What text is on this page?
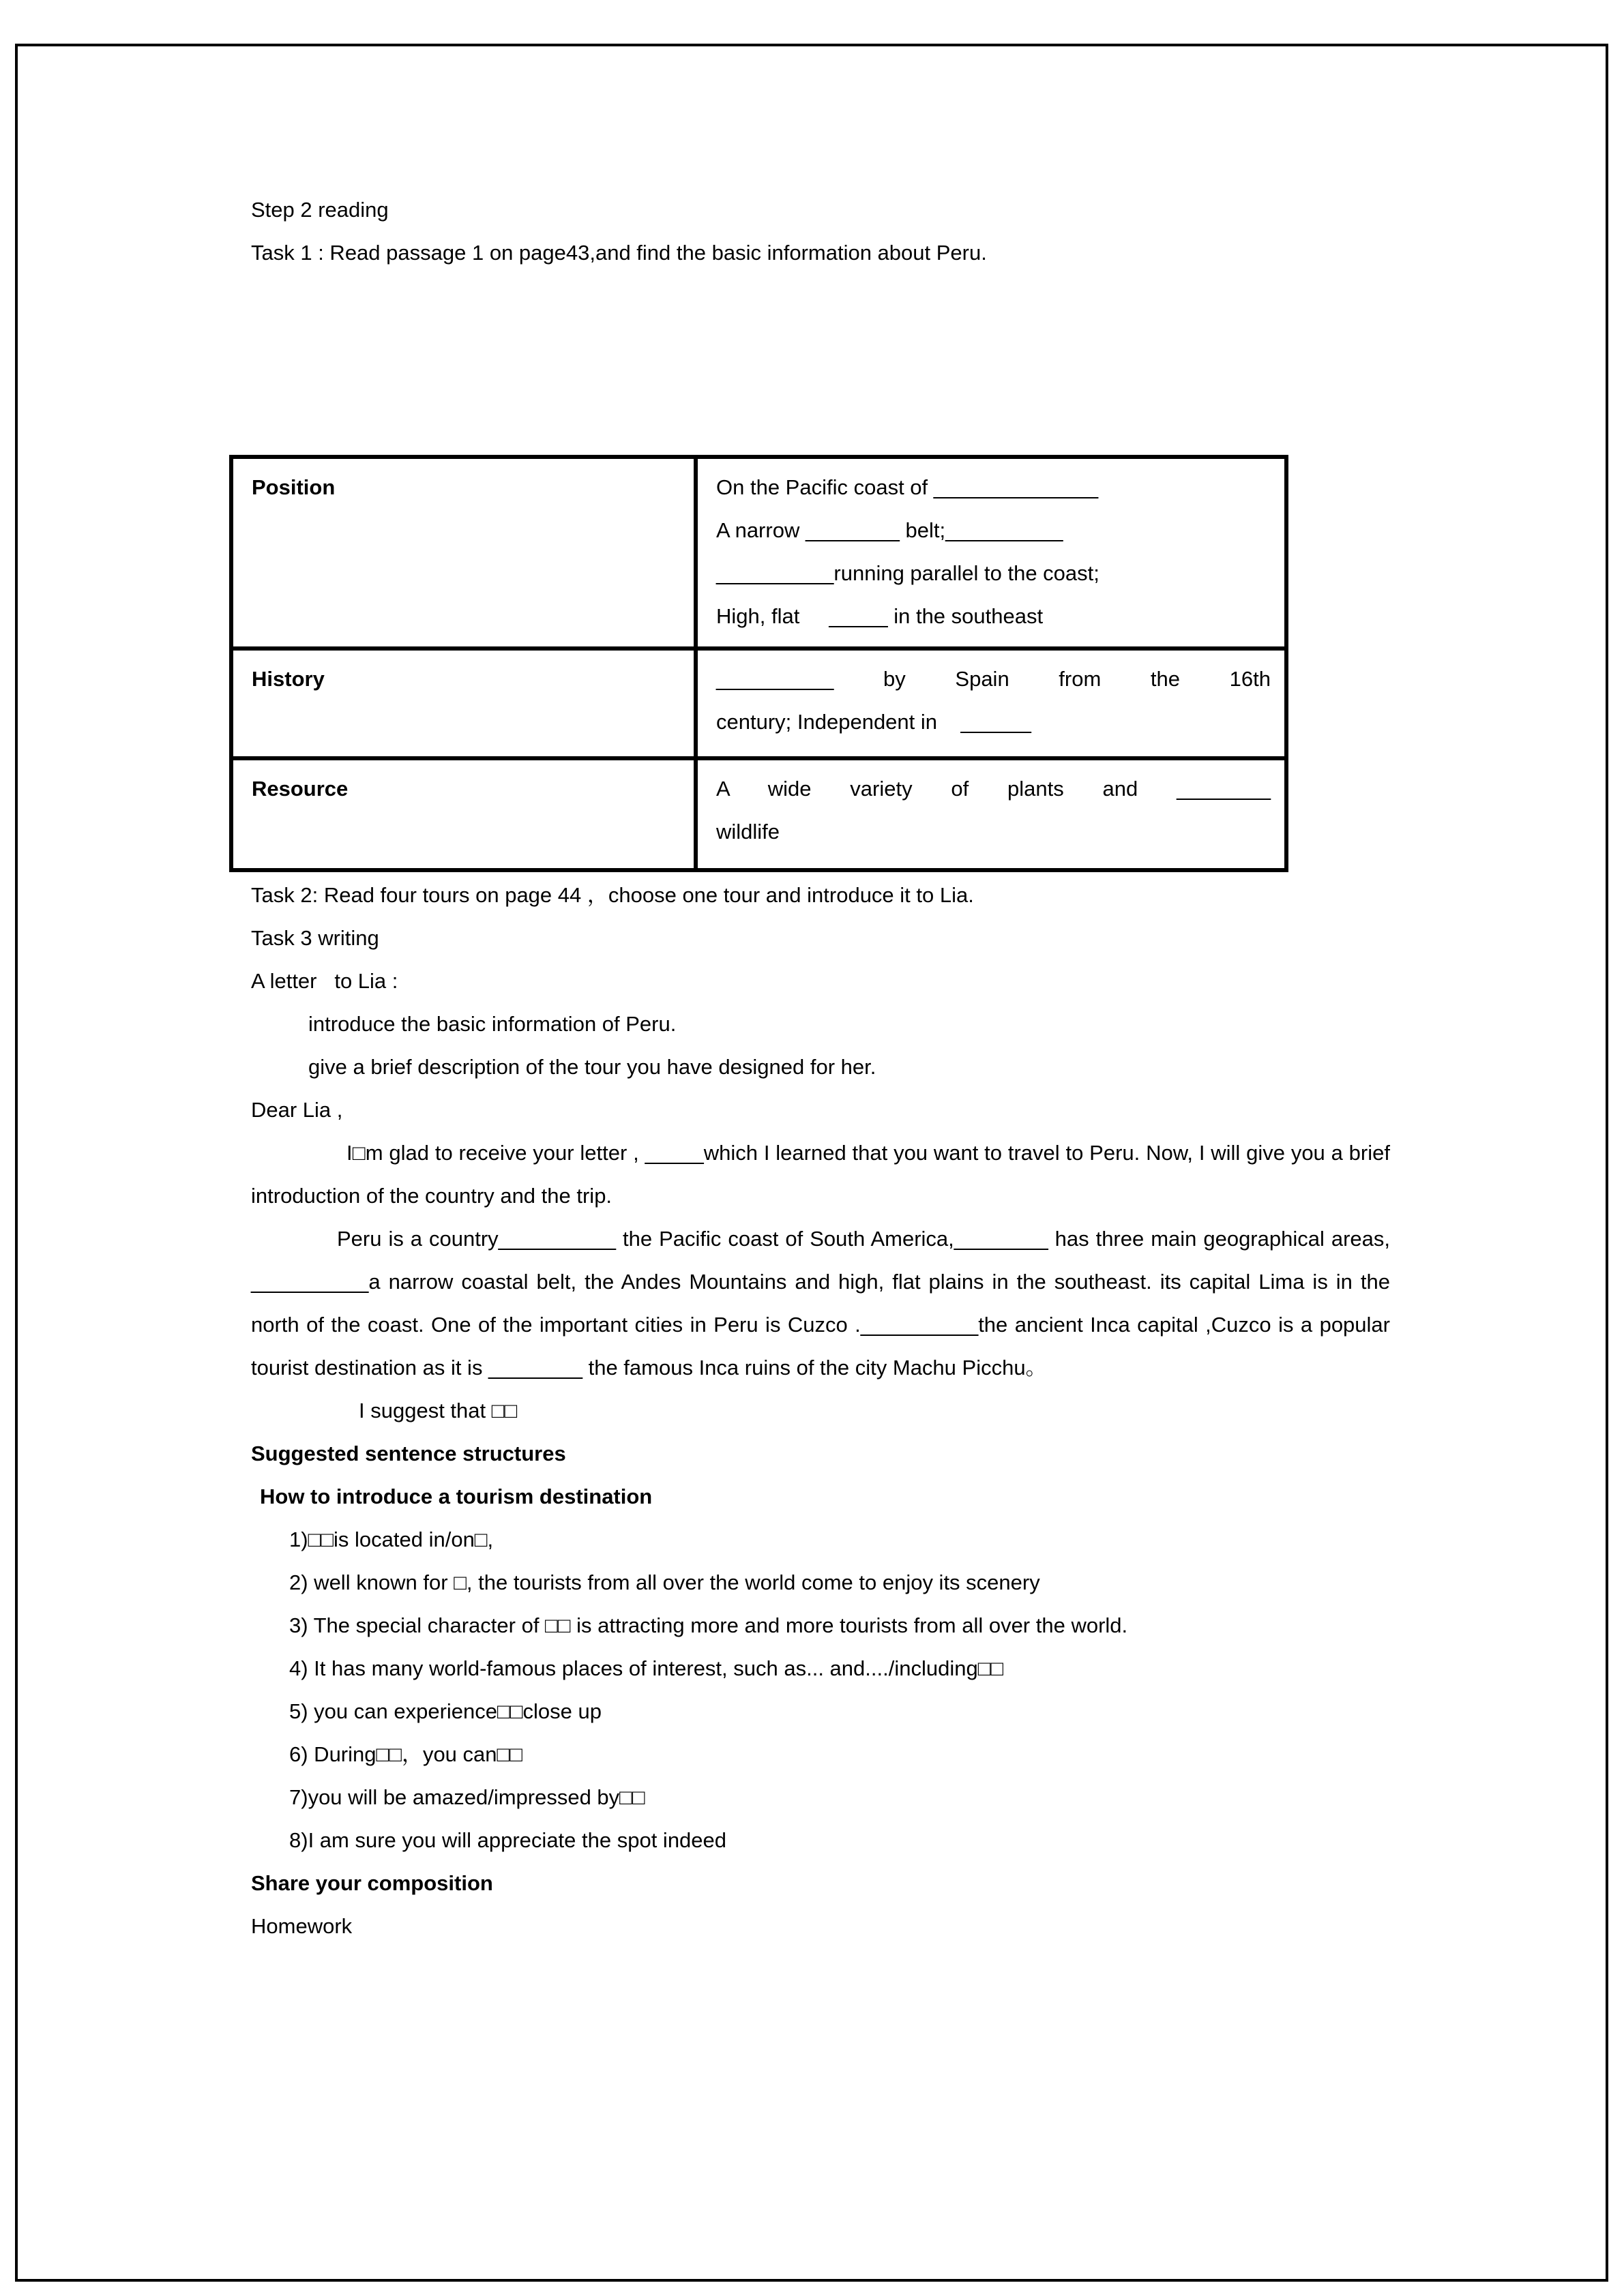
Step 2 reading

Task 1 : Read passage 1 on page43,and find the basic information about Peru.

Position	On the Pacific coast of ______________
A narrow ________ belt;__________
__________running parallel to the coast;
High, flat     _____ in the southeast

History	__________ by Spain from the 16th
century; Independent in    ______

Resource	A wide variety of plants and ________
wildlife

Task 2: Read four tours on page 44 ，choose one tour and introduce it to Lia.

Task 3 writing

A letter   to Lia :

introduce the basic information of Peru.

give a brief description of the tour you have designed for her.

Dear Lia ,

I□m glad to receive your letter , _____which I learned that you want to travel to Peru. Now, I will give you a brief introduction of the country and the trip.

Peru is a country__________ the Pacific coast of South America,________ has three main geographical areas, __________a narrow coastal belt, the Andes Mountains and high, flat plains in the southeast. its capital Lima is in the north of the coast. One of the important cities in Peru is Cuzco .__________the ancient Inca capital ,Cuzco is a popular tourist destination as it is ________ the famous Inca ruins of the city Machu Picchu。

I suggest that □□

Suggested sentence structures

How to introduce a tourism destination

1)□□is located in/on□,

2) well known for □, the tourists from all over the world come to enjoy its scenery

3) The special character of □□ is attracting more and more tourists from all over the world.

4) It has many world-famous places of interest, such as... and..../including□□

5) you can experience□□close up

6) During□□，you can□□

7)you will be amazed/impressed by□□

8)I am sure you will appreciate the spot indeed

Share your composition

Homework
